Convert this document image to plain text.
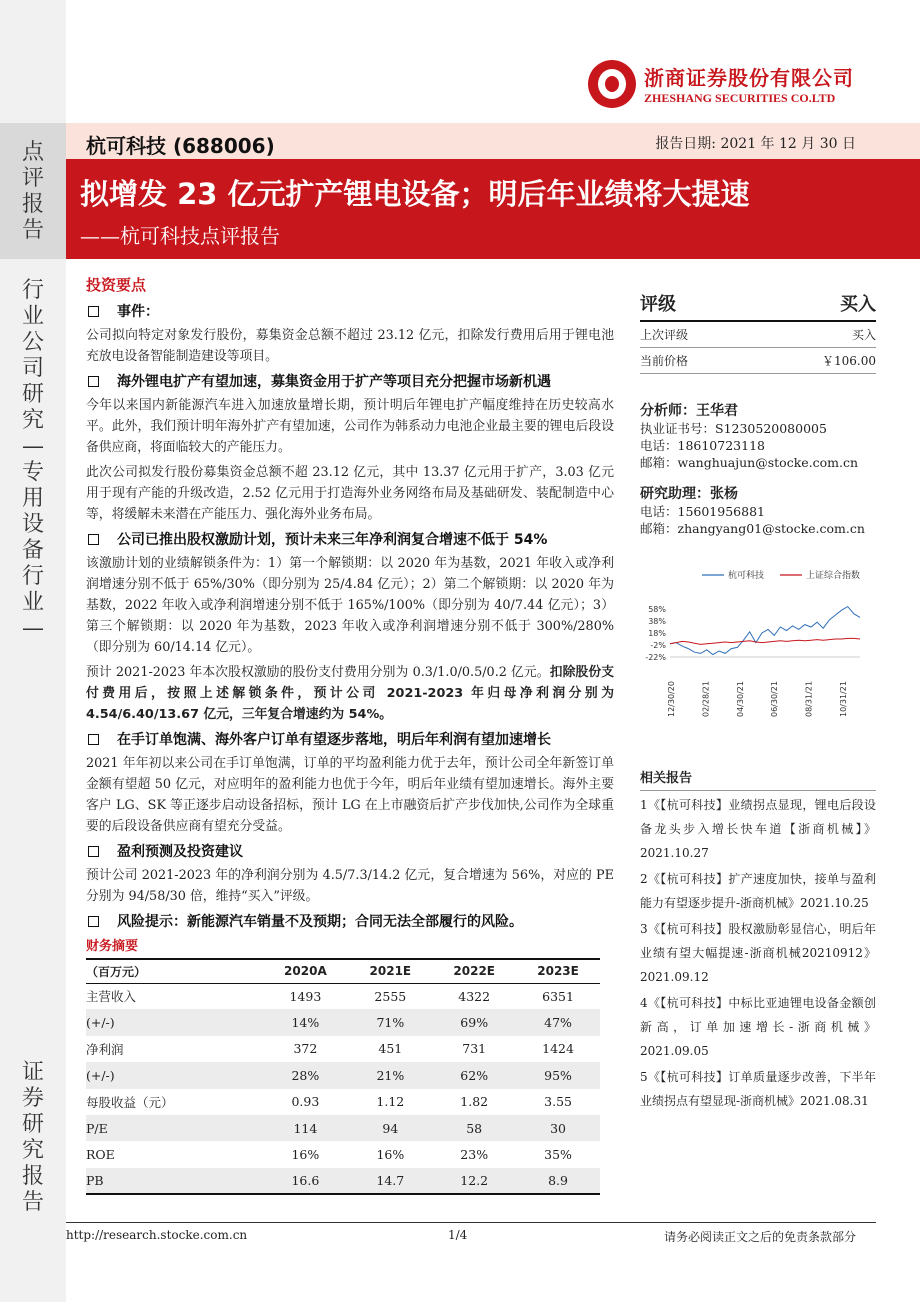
点评报告
行业公司研究—专用设备行业—
证券研究报告
浙商证券股份有限公司
ZHESHANG SECURITIES CO.LTD
杭可科技 (688006)	报告日期: 2021 年 12 月 30 日
拟增发 23 亿元扩产锂电设备；明后年业绩将大提速
——杭可科技点评报告
投资要点
事件：

公司拟向特定对象发行股份，募集资金总额不超过 23.12 亿元，扣除发行费用后用于锂电池充放电设备智能制造建设等项目。

海外锂电扩产有望加速，募集资金用于扩产等项目充分把握市场新机遇

今年以来国内新能源汽车进入加速放量增长期，预计明后年锂电扩产幅度维持在历史较高水平。此外，我们预计明年海外扩产有望加速，公司作为韩系动力电池企业最主要的锂电后段设备供应商，将面临较大的产能压力。

此次公司拟发行股份募集资金总额不超 23.12 亿元，其中 13.37 亿元用于扩产，3.03 亿元用于现有产能的升级改造，2.52 亿元用于打造海外业务网络布局及基础研发、装配制造中心等，将缓解未来潜在产能压力、强化海外业务布局。

公司已推出股权激励计划，预计未来三年净利润复合增速不低于 54%

该激励计划的业绩解锁条件为：1）第一个解锁期：以 2020 年为基数，2021 年收入或净利润增速分别不低于 65%/30%（即分别为 25/4.84 亿元）；2）第二个解锁期：以 2020 年为基数，2022 年收入或净利润增速分别不低于 165%/100%（即分别为 40/7.44 亿元）；3）第三个解锁期：以 2020 年为基数，2023 年收入或净利润增速分别不低于 300%/280%（即分别为 60/14.14 亿元）。

预计 2021-2023 年本次股权激励的股份支付费用分别为 0.3/1.0/0.5/0.2 亿元。扣除股份支付费用后，按照上述解锁条件，预计公司 2021-2023 年归母净利润分别为 4.54/6.40/13.67 亿元，三年复合增速约为 54%。

在手订单饱满、海外客户订单有望逐步落地，明后年利润有望加速增长

2021 年年初以来公司在手订单饱满，订单的平均盈利能力优于去年，预计公司全年新签订单金额有望超 50 亿元，对应明年的盈利能力也优于今年，明后年业绩有望加速增长。海外主要客户 LG、SK 等正逐步启动设备招标，预计 LG 在上市融资后扩产步伐加快,公司作为全球重要的后段设备供应商有望充分受益。

盈利预测及投资建议

预计公司 2021-2023 年的净利润分别为 4.5/7.3/14.2 亿元，复合增速为 56%，对应的 PE 分别为 94/58/30 倍，维持“买入”评级。

风险提示：新能源汽车销量不及预期；合同无法全部履行的风险。
财务摘要
（百万元）	2020A	2021E	2022E	2023E
主营收入	1493	2555	4322	6351
(+/-)	14%	71%	69%	47%
净利润	372	451	731	1424
(+/-)	28%	21%	62%	95%
每股收益（元）	0.93	1.12	1.82	3.55
P/E	114	94	58	30
ROE	16%	16%	23%	35%
PB	16.6	14.7	12.2	8.9
评级	买入
上次评级	买入
当前价格	￥106.00
分析师：王华君
执业证书号：S1230520080005
电话：18610723118
邮箱：wanghuajun@stocke.com.cn
研究助理：张杨
电话：15601956881
邮箱：zhangyang01@stocke.com.cn
杭可科技	上证综合指数
58%
38%
18%
-2%
-22%
12/30/20	02/28/21	04/30/21	06/30/21	08/31/21	10/31/21
相关报告
1《【杭可科技】业绩拐点显现，锂电后段设备龙头步入增长快车道【浙商机械】》2021.10.27
2《【杭可科技】扩产速度加快，接单与盈利能力有望逐步提升-浙商机械》2021.10.25
3《【杭可科技】股权激励彰显信心，明后年业绩有望大幅提速-浙商机械20210912》2021.09.12
4《【杭可科技】中标比亚迪锂电设备金额创新高，订单加速增长-浙商机械》2021.09.05
5《【杭可科技】订单质量逐步改善，下半年业绩拐点有望显现-浙商机械》2021.08.31
http://research.stocke.com.cn	1/4	请务必阅读正文之后的免责条款部分
